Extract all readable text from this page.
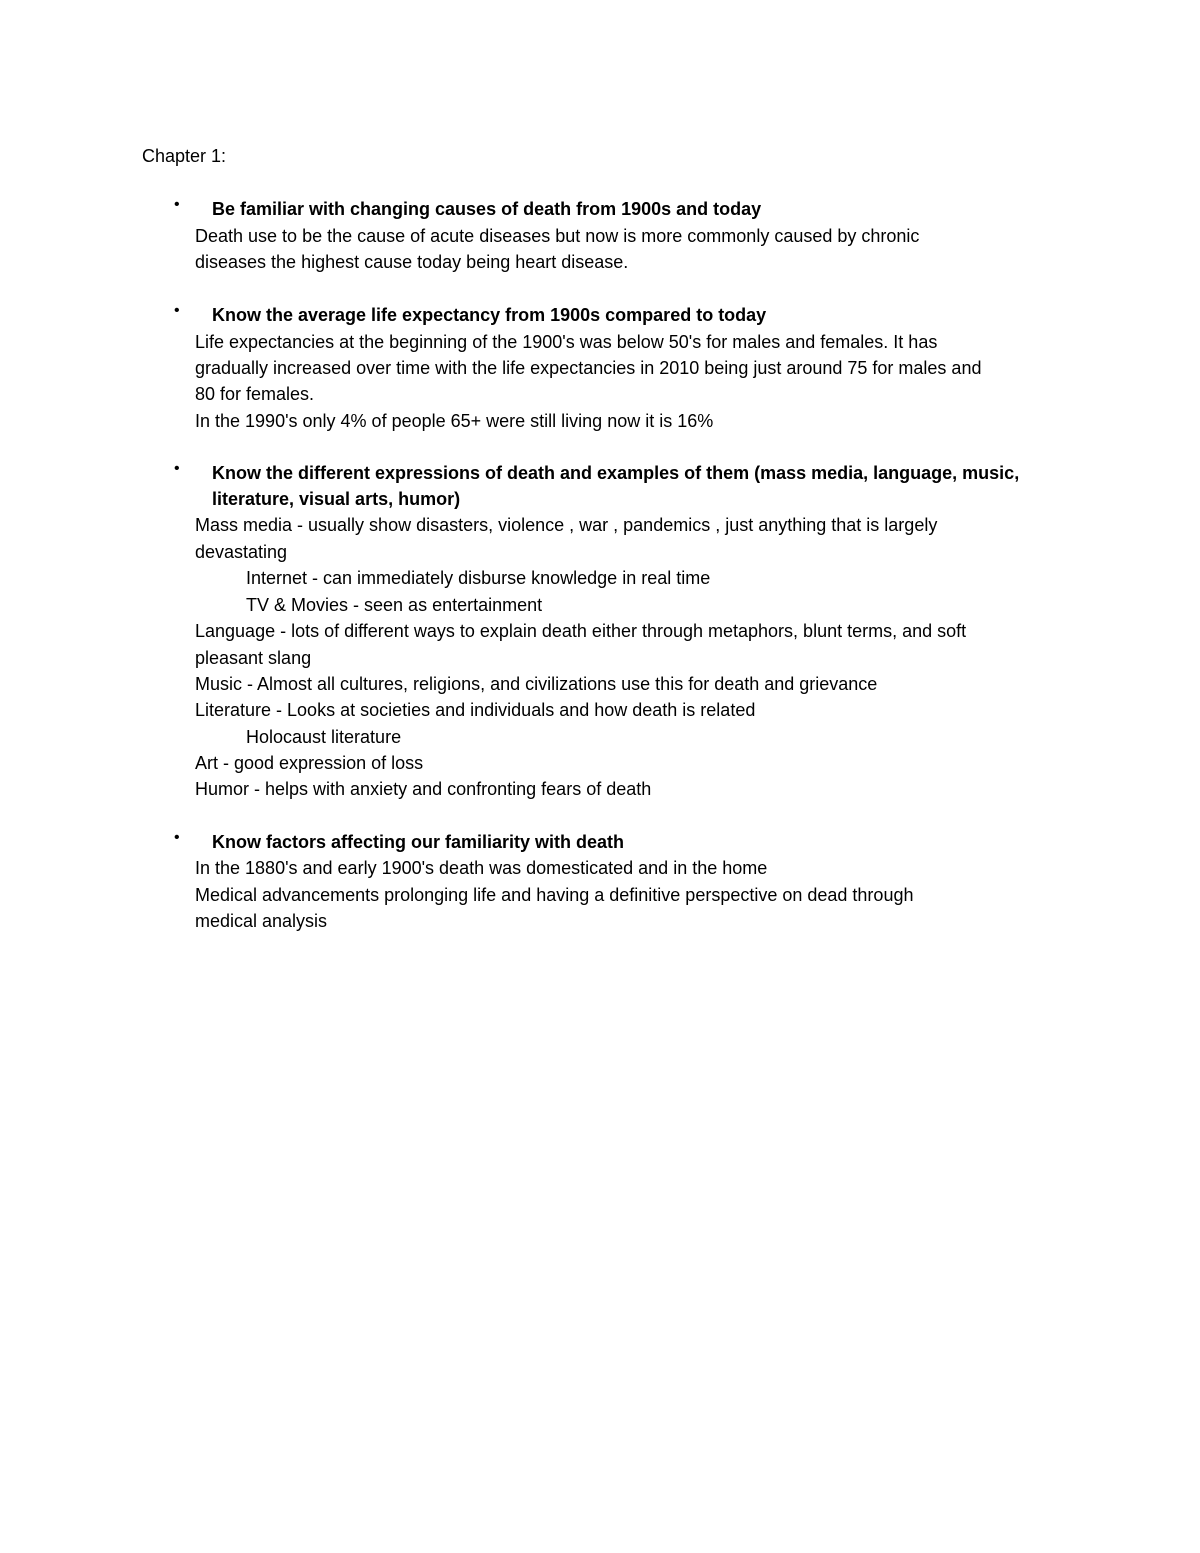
Chapter 1:
• Be familiar with changing causes of death from 1900s and today
Death use to be the cause of acute diseases but now is more commonly caused by chronic
diseases the highest cause today being heart disease.
• Know the average life expectancy from 1900s compared to today
Life expectancies at the beginning of the 1900's was below 50's for males and females. It has
gradually increased over time with the life expectancies in 2010 being just around 75 for males and
80 for females.
In the 1990's only 4% of people 65+ were still living now it is 16%
• Know the different expressions of death and examples of them (mass media, language, music,
literature, visual arts, humor)
Mass media - usually show disasters, violence , war , pandemics , just anything that is largely
devastating
Internet - can immediately disburse knowledge in real time
TV & Movies - seen as entertainment
Language - lots of different ways to explain death either through metaphors, blunt terms, and soft
pleasant slang
Music - Almost all cultures, religions, and civilizations use this for death and grievance
Literature - Looks at societies and individuals and how death is related
Holocaust literature
Art - good expression of loss
Humor - helps with anxiety and confronting fears of death
• Know factors affecting our familiarity with death
In the 1880's and early 1900's death was domesticated and in the home
Medical advancements prolonging life and having a definitive perspective on dead through
medical analysis
